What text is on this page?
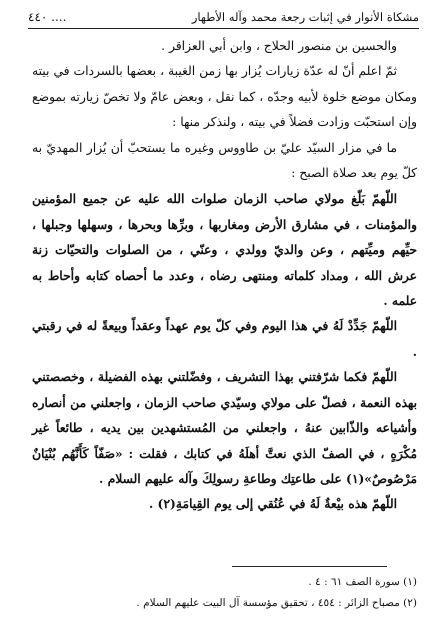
مشكاة الأنوار في إثبات رجعة محمد وآله الأطهار
٤٤٠ ....

والحسين بن منصور الحلاج ، وابن أبي العزاقر .

ثمّ اعلم أنّ له عدّة زيارات يُزار بها زمن الغيبة ، بعضها بالسردات في بيته ومكان موضع خلوة لأبيه وجدّه ، كما نقل ، وبعض عامّ ولا تخصّ زيارته بموضع وإن استحبّت وزادت فضلاً في بيته ، ولنذكر منها :

ما في مزار السيّد عليّ بن طاووس وغيره ما يستحبّ أن يُزار المهديّ به كلّ يوم بعد صلاة الصبح :

اللّهمّ بَلّغ مولاي صاحب الزمان صلوات الله عليه عن جميع المؤمنين والمؤمنات ، في مشارق الأرض ومغاربها ، وبرِّها وبحرها ، وسهلها وجبلها ، حيِّهم وميِّتهم ، وعن والديّ وولدي ، وعنّي ، من الصلوات والتحيّات زنة عرش الله ، ومداد كلماته ومنتهى رضاه ، وعدد ما أحصاه كتابه وأحاط به علمه .

اللّهمّ جَدِّدْ لَهُ في هذا اليوم وفي كلّ يوم عهداً وعقداً وبيعةً له في رقبتي .

اللّهمّ فكما شرّفتني بهذا التشريف ، وفضّلتني بهذه الفضيلة ، وخصصتني بهذه النعمة ، فصلّ على مولاي وسيّدي صاحب الزمان ، واجعلني من أنصاره وأشياعه والذّابين عنهُ ، واجعلني من المُستشهدين بين يديه ، طائعاً غير مُكْرَهٍ ، في الصفّ الذي نعتَّ أهلَهُ في كتابك ، فقلت : «صَفّاً كَأَنَّهُم بُنْيَانٌ مَرْصُوصٌ»(١) على طاعتِك وطاعةِ رسولِكَ وآله عليهم السلام .

اللّهمّ هذه بيْعةٌ لَهُ في عُنُقي إلى يوم القِيامَةِ(٢) .

(١) سورة الصف ٦١ : ٤ .

(٢) مصباح الزائر : ٤٥٤ ، تحقيق مؤسسة آل البيت عليهم السلام .
